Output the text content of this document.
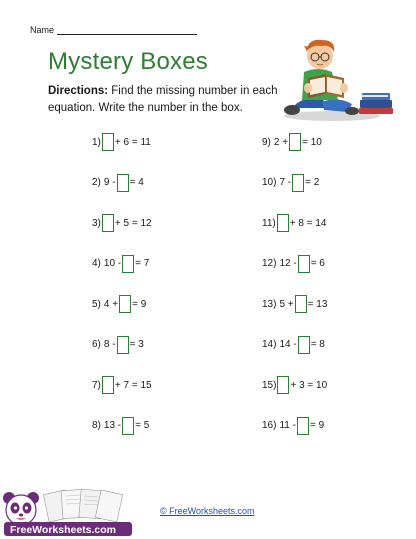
Name
Mystery Boxes
Directions: Find the missing number in each equation. Write the number in the box.
1) + 6 = 11
2) 9 - = 4
3) + 5 = 12
4) 10 - = 7
5) 4 + = 9
6) 8 - = 3
7) + 7 = 15
8) 13 - = 5
9) 2 + = 10
10) 7 - = 2
11) + 8 = 14
12) 12 - = 6
13) 5 + = 13
14) 14 - = 8
15) + 3 = 10
16) 11 - = 9
FreeWorksheets.com
© FreeWorksheets.com
